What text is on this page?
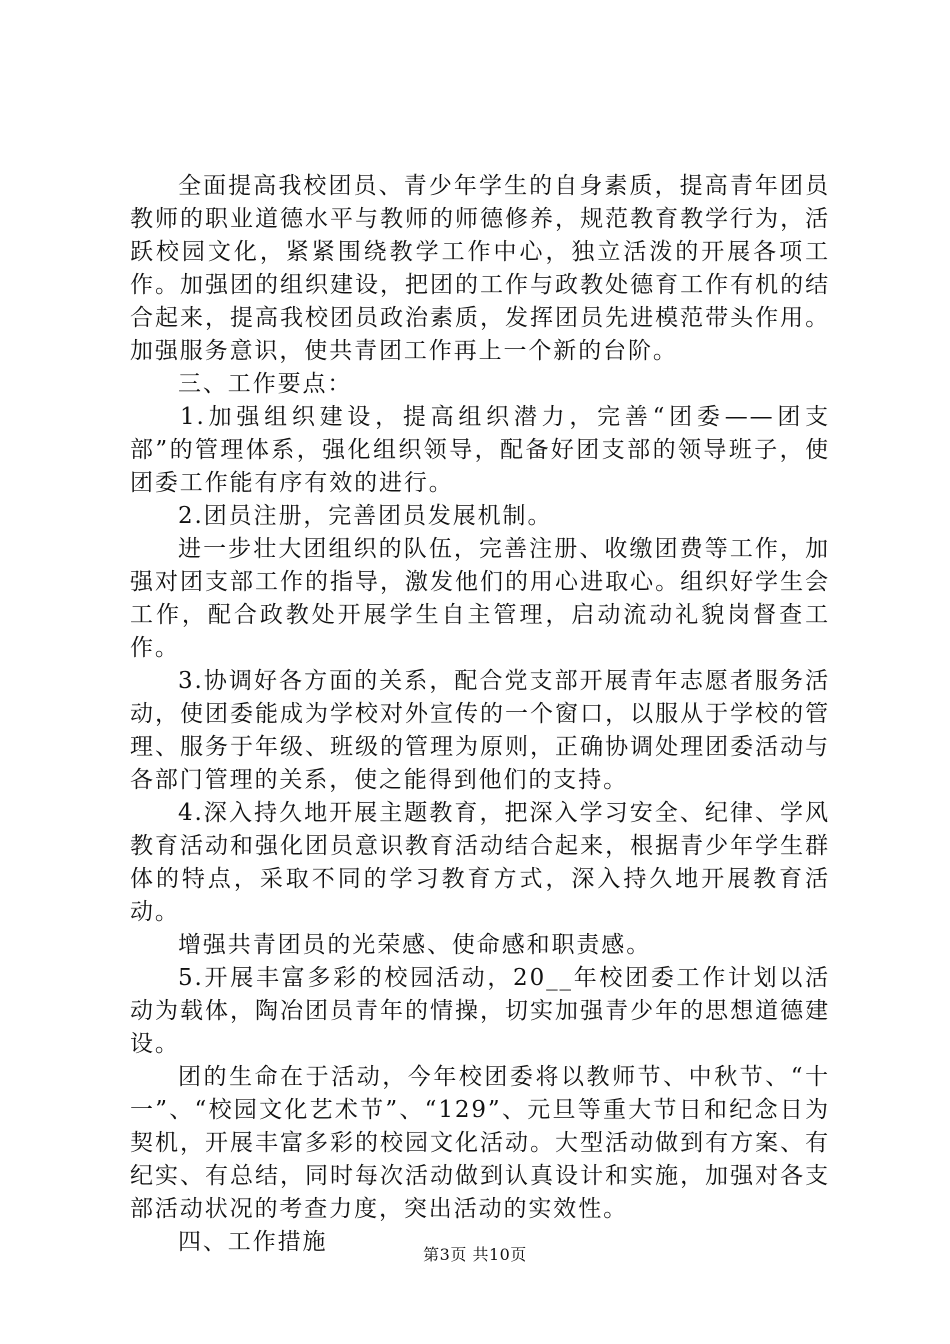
全面提高我校团员、青少年学生的自身素质，提高青年团员教师的职业道德水平与教师的师德修养，规范教育教学行为，活跃校园文化，紧紧围绕教学工作中心，独立活泼的开展各项工作。加强团的组织建设，把团的工作与政教处德育工作有机的结合起来，提高我校团员政治素质，发挥团员先进模范带头作用。加强服务意识，使共青团工作再上一个新的台阶。

三、工作要点：

1.加强组织建设，提高组织潜力，完善“团委——团支部”的管理体系，强化组织领导，配备好团支部的领导班子，使团委工作能有序有效的进行。

2.团员注册，完善团员发展机制。

进一步壮大团组织的队伍，完善注册、收缴团费等工作，加强对团支部工作的指导，激发他们的用心进取心。组织好学生会工作，配合政教处开展学生自主管理，启动流动礼貌岗督查工作。

3.协调好各方面的关系，配合党支部开展青年志愿者服务活动，使团委能成为学校对外宣传的一个窗口，以服从于学校的管理、服务于年级、班级的管理为原则，正确协调处理团委活动与各部门管理的关系，使之能得到他们的支持。

4.深入持久地开展主题教育，把深入学习安全、纪律、学风教育活动和强化团员意识教育活动结合起来，根据青少年学生群体的特点，采取不同的学习教育方式，深入持久地开展教育活动。

增强共青团员的光荣感、使命感和职责感。

5.开展丰富多彩的校园活动，20__年校团委工作计划以活动为载体，陶冶团员青年的情操，切实加强青少年的思想道德建设。

团的生命在于活动，今年校团委将以教师节、中秋节、“十一”、“校园文化艺术节”、“129”、元旦等重大节日和纪念日为契机，开展丰富多彩的校园文化活动。大型活动做到有方案、有纪实、有总结，同时每次活动做到认真设计和实施，加强对各支部活动状况的考查力度，突出活动的实效性。

四、工作措施	第3页 共10页
